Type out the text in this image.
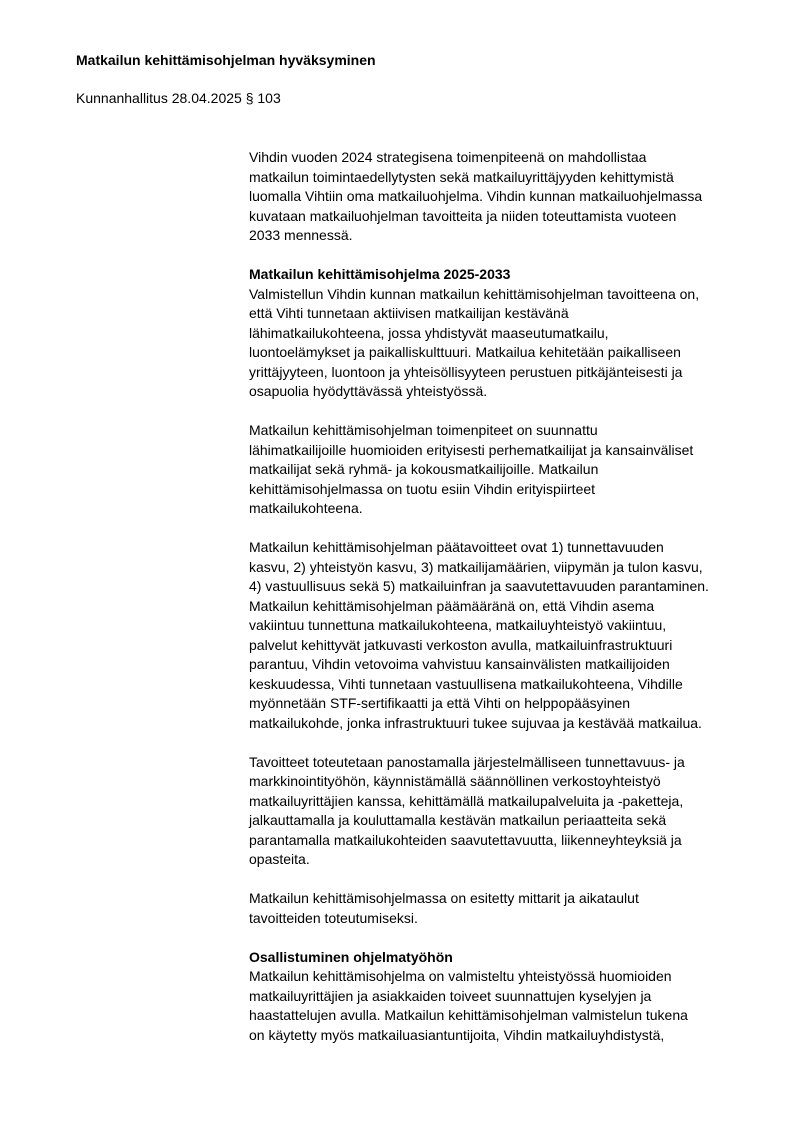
Matkailun kehittämisohjelman hyväksyminen

Kunnanhallitus 28.04.2025 § 103

Vihdin vuoden 2024 strategisena toimenpiteenä on mahdollistaa
matkailun toimintaedellytysten sekä matkailuyrittäjyyden kehittymistä
luomalla Vihtiin oma matkailuohjelma. Vihdin kunnan matkailuohjelmassa
kuvataan matkailuohjelman tavoitteita ja niiden toteuttamista vuoteen
2033 mennessä.

Matkailun kehittämisohjelma 2025-2033

Valmistellun Vihdin kunnan matkailun kehittämisohjelman tavoitteena on,
että Vihti tunnetaan aktiivisen matkailijan kestävänä
lähimatkailukohteena, jossa yhdistyvät maaseutumatkailu,
luontoelämykset ja paikalliskulttuuri. Matkailua kehitetään paikalliseen
yrittäjyyteen, luontoon ja yhteisöllisyyteen perustuen pitkäjänteisesti ja
osapuolia hyödyttävässä yhteistyössä.

Matkailun kehittämisohjelman toimenpiteet on suunnattu
lähimatkailijoille huomioiden erityisesti perhematkailijat ja kansainväliset
matkailijat sekä ryhmä- ja kokousmatkailijoille. Matkailun
kehittämisohjelmassa on tuotu esiin Vihdin erityispiirteet
matkailukohteena.

Matkailun kehittämisohjelman päätavoitteet ovat 1) tunnettavuuden
kasvu, 2) yhteistyön kasvu, 3) matkailijamäärien, viipymän ja tulon kasvu,
4) vastuullisuus sekä 5) matkailuinfran ja saavutettavuuden parantaminen.
Matkailun kehittämisohjelman päämääränä on, että Vihdin asema
vakiintuu tunnettuna matkailukohteena, matkailuyhteistyö vakiintuu,
palvelut kehittyvät jatkuvasti verkoston avulla, matkailuinfrastruktuuri
parantuu, Vihdin vetovoima vahvistuu kansainvälisten matkailijoiden
keskuudessa, Vihti tunnetaan vastuullisena matkailukohteena, Vihdille
myönnetään STF-sertifikaatti ja että Vihti on helppopääsyinen
matkailukohde, jonka infrastruktuuri tukee sujuvaa ja kestävää matkailua.

Tavoitteet toteutetaan panostamalla järjestelmälliseen tunnettavuus- ja
markkinointityöhön, käynnistämällä säännöllinen verkostoyhteistyö
matkailuyrittäjien kanssa, kehittämällä matkailupalveluita ja -paketteja,
jalkauttamalla ja kouluttamalla kestävän matkailun periaatteita sekä
parantamalla matkailukohteiden saavutettavuutta, liikenneyhteyksiä ja
opasteita.

Matkailun kehittämisohjelmassa on esitetty mittarit ja aikataulut
tavoitteiden toteutumiseksi.

Osallistuminen ohjelmatyöhön

Matkailun kehittämisohjelma on valmisteltu yhteistyössä huomioiden
matkailuyrittäjien ja asiakkaiden toiveet suunnattujen kyselyjen ja
haastattelujen avulla. Matkailun kehittämisohjelman valmistelun tukena
on käytetty myös matkailuasiantuntijoita, Vihdin matkailuyhdistystä,
